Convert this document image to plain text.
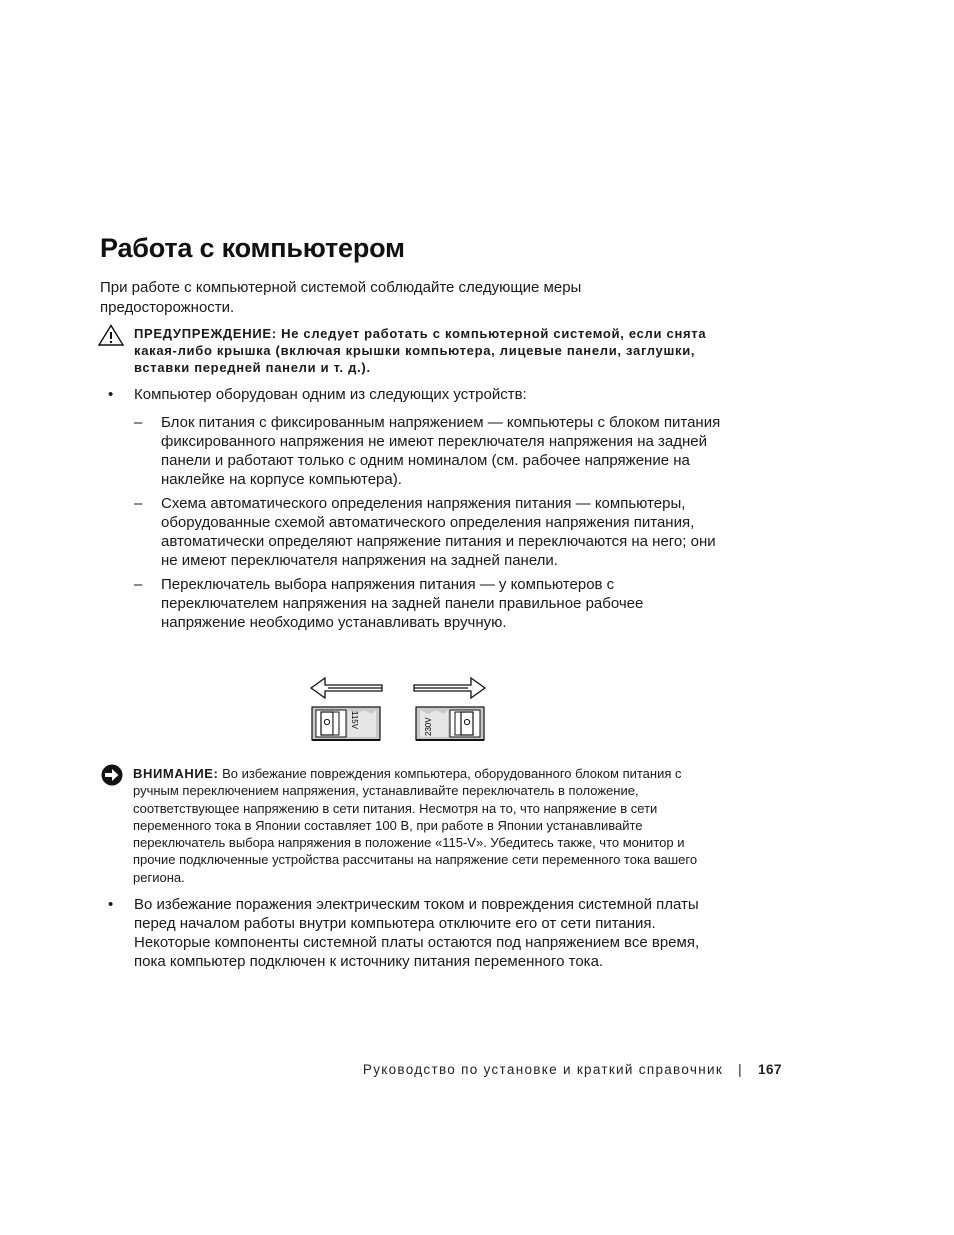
Работа с компьютером

При работе с компьютерной системой соблюдайте следующие меры предосторожности.

ПРЕДУПРЕЖДЕНИЕ: Не следует работать с компьютерной системой, если снята какая-либо крышка (включая крышки компьютера, лицевые панели, заглушки, вставки передней панели и т. д.).

• Компьютер оборудован одним из следующих устройств:
– Блок питания с фиксированным напряжением — компьютеры с блоком питания фиксированного напряжения не имеют переключателя напряжения на задней панели и работают только с одним номиналом (см. рабочее напряжение на наклейке на корпусе компьютера).
– Схема автоматического определения напряжения питания — компьютеры, оборудованные схемой автоматического определения напряжения питания, автоматически определяют напряжение питания и переключаются на него; они не имеют переключателя напряжения на задней панели.
– Переключатель выбора напряжения питания — у компьютеров с переключателем напряжения на задней панели правильное рабочее напряжение необходимо устанавливать вручную.
115V	230V

ВНИМАНИЕ: Во избежание повреждения компьютера, оборудованного блоком питания с ручным переключением напряжения, устанавливайте переключатель в положение, соответствующее напряжению в сети питания. Несмотря на то, что напряжение в сети переменного тока в Японии составляет 100 В, при работе в Японии устанавливайте переключатель выбора напряжения в положение «115-V». Убедитесь также, что монитор и прочие подключенные устройства рассчитаны на напряжение сети переменного тока вашего региона.

• Во избежание поражения электрическим током и повреждения системной платы перед началом работы внутри компьютера отключите его от сети питания. Некоторые компоненты системной платы остаются под напряжением все время, пока компьютер подключен к источнику питания переменного тока.
Руководство по установке и краткий справочник | 167
